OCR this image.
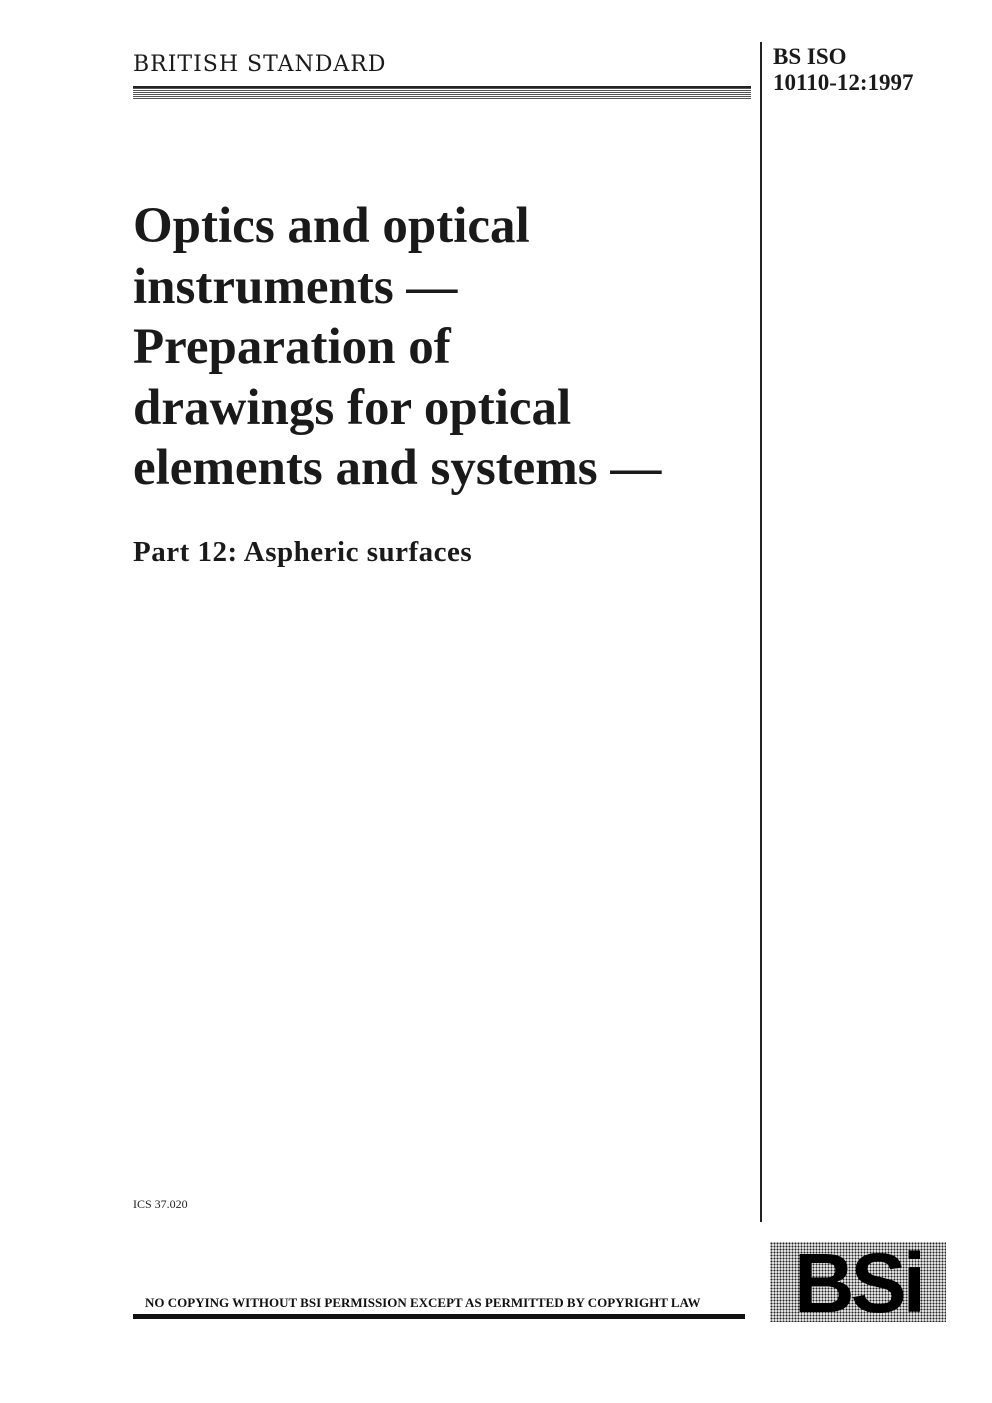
BRITISH STANDARD	BS ISO
10110-12:1997
Optics and optical
instruments —
Preparation of
drawings for optical
elements and systems —
Part 12: Aspheric surfaces
ICS 37.020
NO COPYING WITHOUT BSI PERMISSION EXCEPT AS PERMITTED BY COPYRIGHT LAW BSi
